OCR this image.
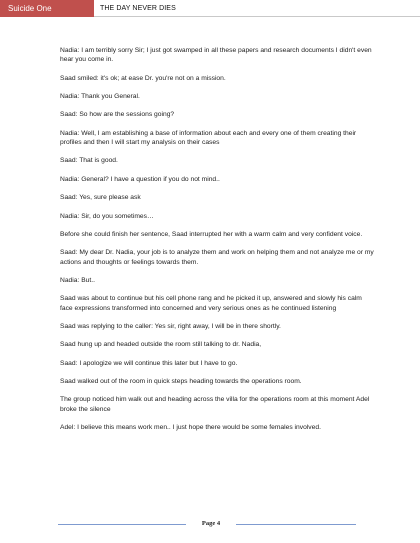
Suicide One	THE DAY NEVER DIES

Nadia: I am terribly sorry Sir; I just got swamped in all these papers and research documents I didn't even hear you come in.

Saad smiled: it's ok; at ease Dr. you're not on a mission.

Nadia: Thank you General.

Saad: So how are the sessions going?

Nadia: Well, I am establishing a base of information about each and every one of them creating their profiles and then I will start my analysis on their cases

Saad: That is good.

Nadia: General? I have a question if you do not mind..

Saad: Yes, sure please ask

Nadia: Sir, do you sometimes…

Before she could finish her sentence, Saad interrupted her with a warm calm and very confident voice.

Saad: My dear Dr. Nadia, your job is to analyze them and work on helping them and not analyze me or my actions and thoughts or feelings towards them.

Nadia: But..

Saad was about to continue but his cell phone rang and he picked it up, answered and slowly his calm face expressions transformed into concerned and very serious ones as he continued listening

Saad was replying to the caller: Yes sir, right away, I will be in there shortly.

Saad hung up and headed outside the room still talking to dr. Nadia,

Saad: I apologize we will continue this later but I have to go.

Saad walked out of the room in quick steps heading towards the operations room.

The group noticed him walk out and heading across the villa for the operations room at this moment Adel broke the silence

Adel: I believe this means work men.. I just hope there would be some females involved.

Page 4
